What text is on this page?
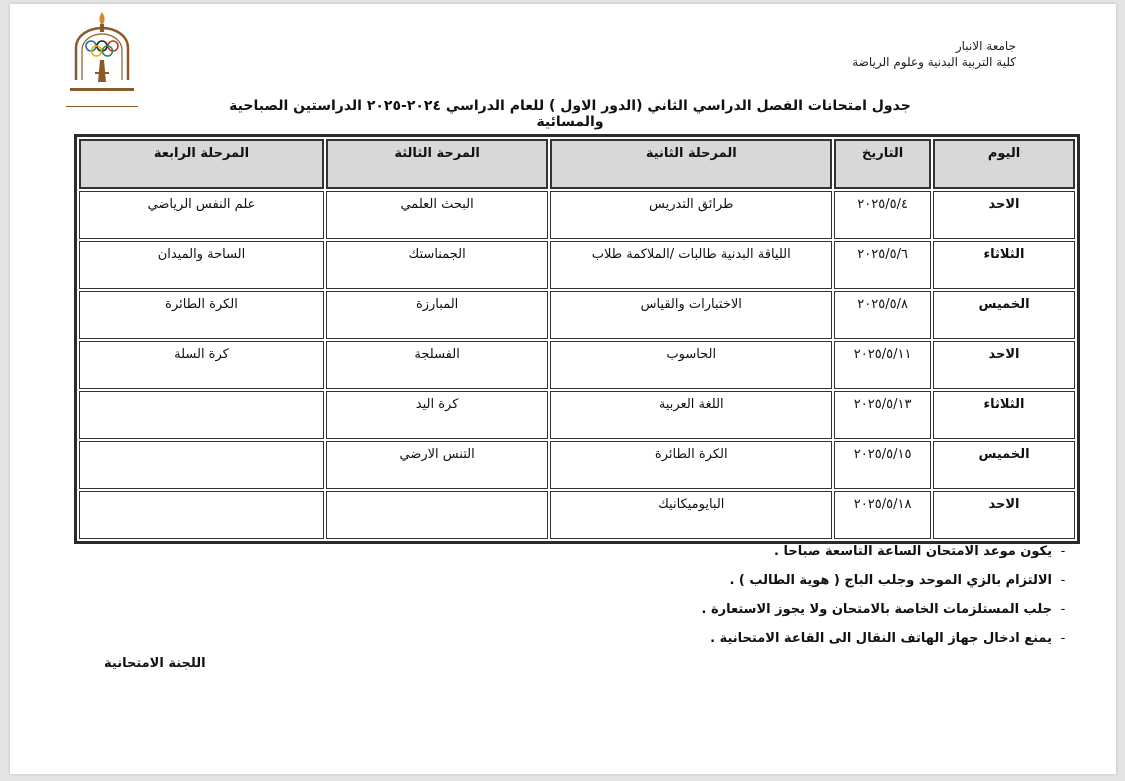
جامعة الانبار
كلية التربية البدنية وعلوم الرياضة
جدول امتحانات الفصل الدراسي الثاني (الدور الاول ) للعام الدراسي ٢٠٢٤-٢٠٢٥ الدراستين الصباحية والمسائية
اليوم	التاريخ	المرحلة الثانية	المرحة الثالثة	المرحلة الرابعة
الاحد	٢٠٢٥/٥/٤	طرائق التدريس	البحث العلمي	علم النفس الرياضي
الثلاثاء	٢٠٢٥/٥/٦	اللياقة البدنية طالبات /الملاكمة طلاب	الجمناستك	الساحة والميدان
الخميس	٢٠٢٥/٥/٨	الاختبارات والقياس	المبارزة	الكرة الطائرة
الاحد	٢٠٢٥/٥/١١	الحاسوب	الفسلجة	كرة السلة
الثلاثاء	٢٠٢٥/٥/١٣	اللغة العربية	كرة اليد	
الخميس	٢٠٢٥/٥/١٥	الكرة الطائرة	التنس الارضي	
الاحد	٢٠٢٥/٥/١٨	البايوميكانيك		
-يكون موعد الامتحان الساعة التاسعة صباحا .
-الالتزام بالزي الموحد وجلب الباج ( هوية الطالب ) .
-جلب المستلزمات الخاصة بالامتحان ولا يجوز الاستعارة .
-يمنع ادخال جهاز الهاتف النقال الى القاعة الامتحانية .
اللجنة الامتحانية
